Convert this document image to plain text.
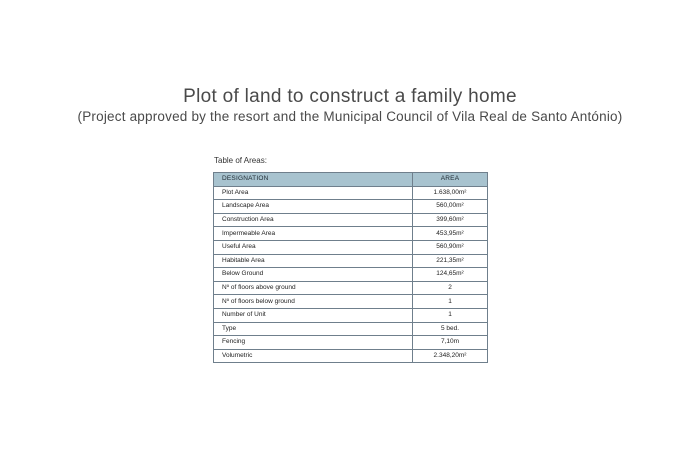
Plot of land to construct a family home
(Project approved by the resort and the Municipal Council of Vila Real de Santo António)
Table of Areas:
DESIGNATION	AREA
Plot Area	1.638,00m²
Landscape Area	560,00m²
Construction Area	399,60m²
Impermeable Area	453,95m²
Useful Area	560,90m²
Habitable Area	221,35m²
Below Ground	124,65m²
Nº of floors above ground	2
Nº of floors below ground	1
Number of Unit	1
Type	5 bed.
Fencing	7,10m
Volumetric	2.348,20m²
